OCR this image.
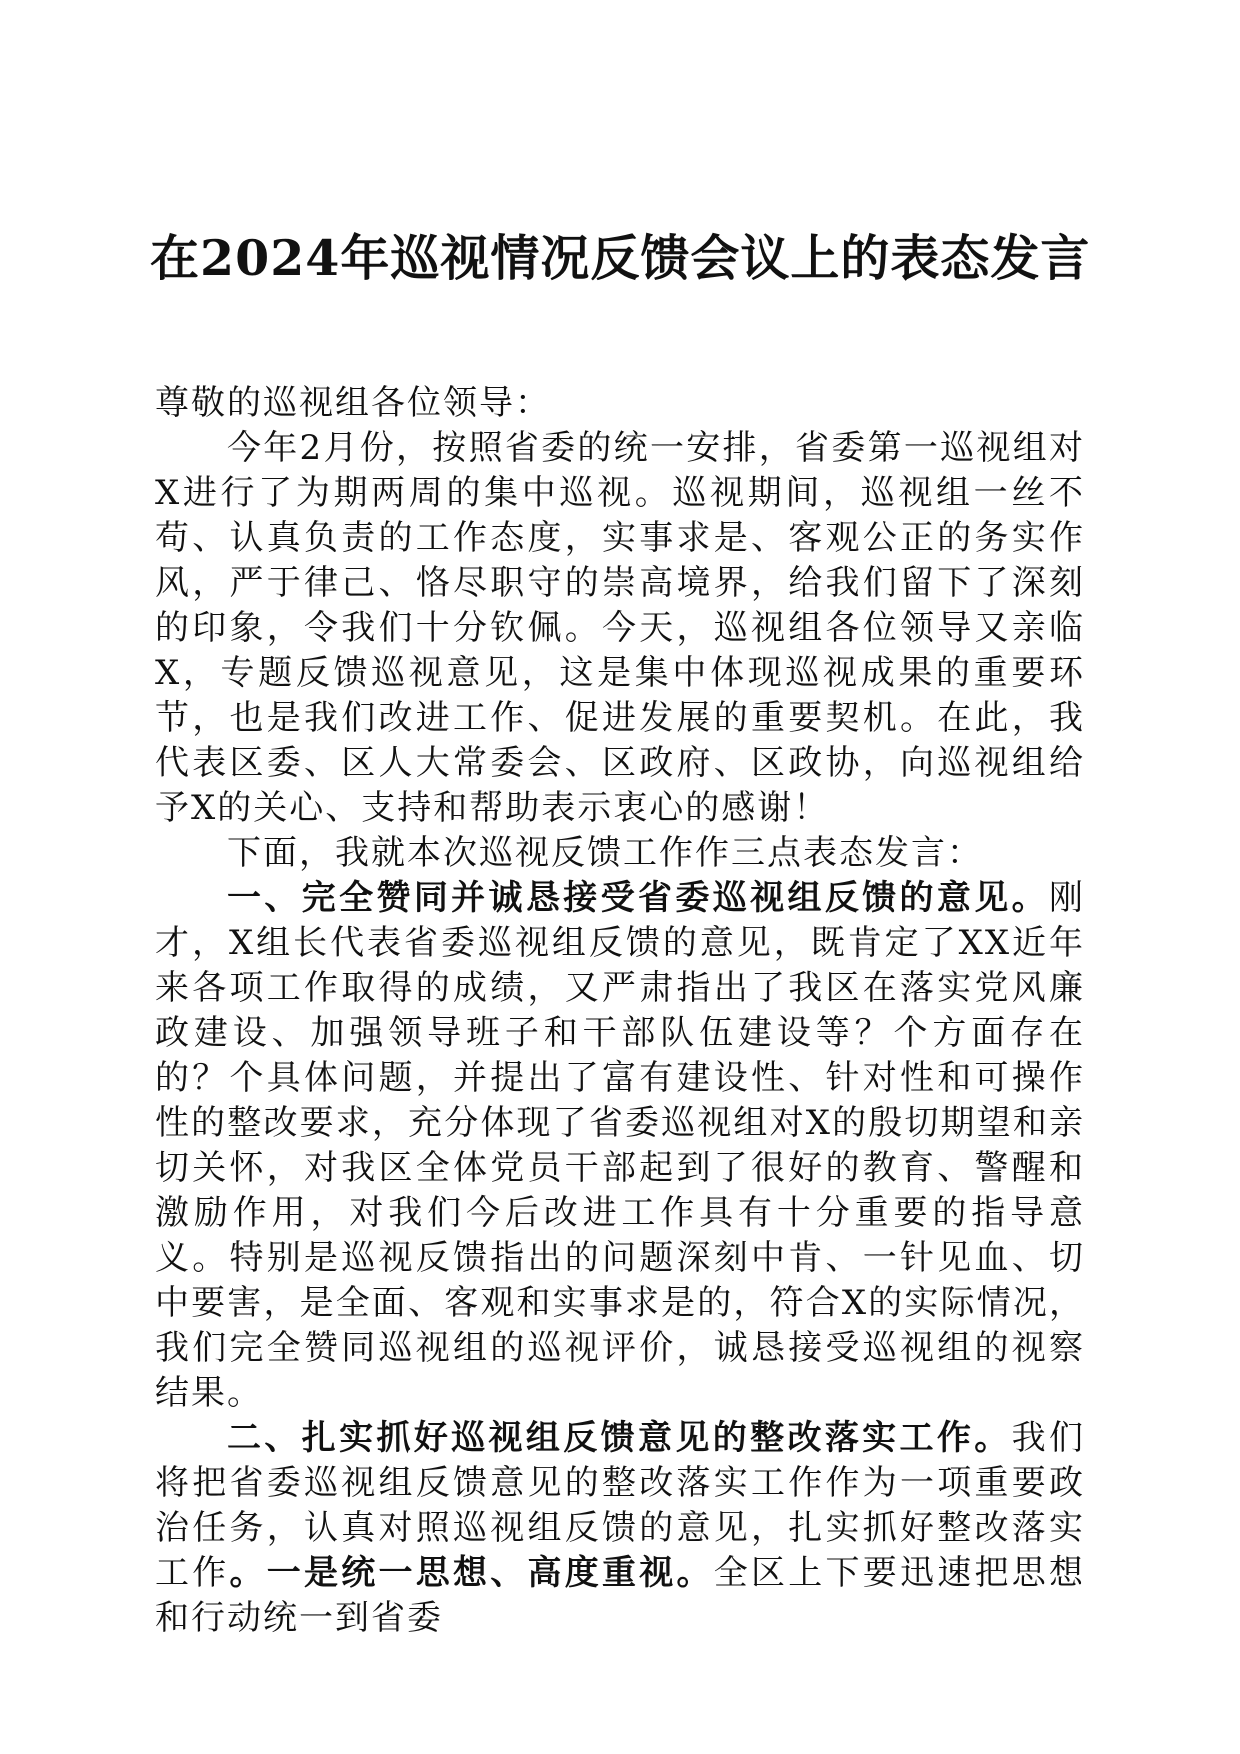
在2024年巡视情况反馈会议上的表态发言

尊敬的巡视组各位领导：

今年2月份，按照省委的统一安排，省委第一巡视组对X进行了为期两周的集中巡视。巡视期间，巡视组一丝不苟、认真负责的工作态度，实事求是、客观公正的务实作风，严于律己、恪尽职守的崇高境界，给我们留下了深刻的印象，令我们十分钦佩。今天，巡视组各位领导又亲临X，专题反馈巡视意见，这是集中体现巡视成果的重要环节，也是我们改进工作、促进发展的重要契机。在此，我代表区委、区人大常委会、区政府、区政协，向巡视组给予X的关心、支持和帮助表示衷心的感谢！

下面，我就本次巡视反馈工作作三点表态发言：

一、完全赞同并诚恳接受省委巡视组反馈的意见。刚才，X组长代表省委巡视组反馈的意见，既肯定了XX近年来各项工作取得的成绩，又严肃指出了我区在落实党风廉政建设、加强领导班子和干部队伍建设等？个方面存在的？个具体问题，并提出了富有建设性、针对性和可操作性的整改要求，充分体现了省委巡视组对X的殷切期望和亲切关怀，对我区全体党员干部起到了很好的教育、警醒和激励作用，对我们今后改进工作具有十分重要的指导意义。特别是巡视反馈指出的问题深刻中肯、一针见血、切中要害，是全面、客观和实事求是的，符合X的实际情况，我们完全赞同巡视组的巡视评价，诚恳接受巡视组的视察结果。

二、扎实抓好巡视组反馈意见的整改落实工作。我们将把省委巡视组反馈意见的整改落实工作作为一项重要政治任务，认真对照巡视组反馈的意见，扎实抓好整改落实工作。一是统一思想、高度重视。全区上下要迅速把思想和行动统一到省委
